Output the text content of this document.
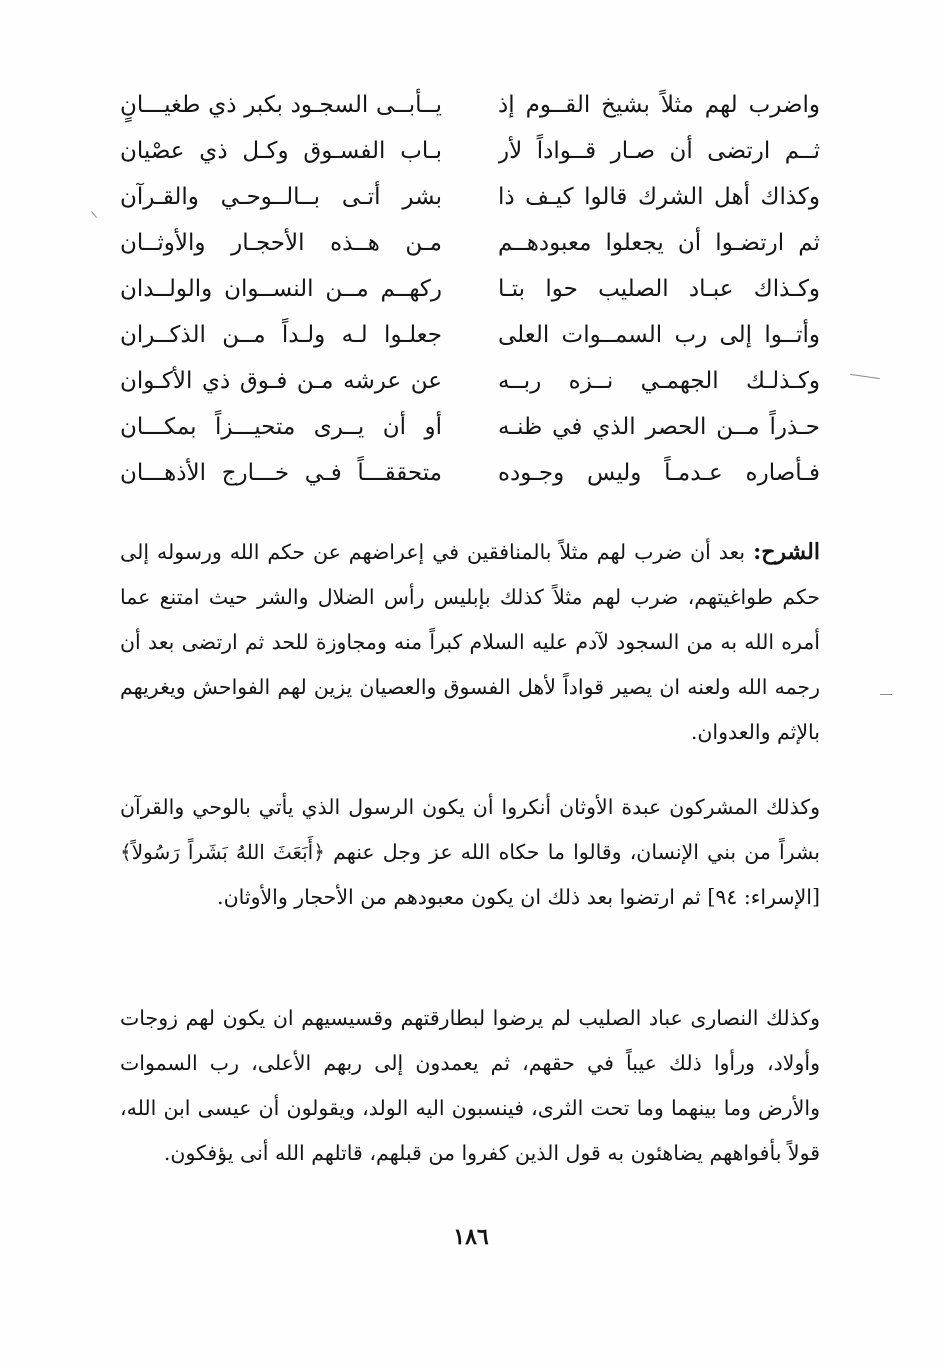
واضرب لهم مثلاً بشيخ القــوم إذ
يــأبــى السجـود بكبر ذي طغيـــانٍ
ثــم ارتضى أن صـار قــواداً لأر
بـاب الفسـوق وكـل ذي عصْيان
وكذاك أهل الشرك قالوا كيـف ذا
بشر أتـى بــالــوحـي والقـرآن
ثم ارتضـوا أن يجعلوا معبودهــم
مـن هــذه الأحجـار والأوثــان
وكـذاك عبـاد الصليب حوا بتـا
ركهــم مــن النســوان والولــدان
وأتــوا إلى رب السمــوات العلى
جعلـوا لـه ولـداً مــن الذكــران
وكـذلـك الجهمـي نــزه ربــه
عن عرشه مـن فـوق ذي الأكـوان
حـذراً مــن الحصر الذي في ظنـه
أو أن يــرى متحيـــزاً بمكـــان
فـأصاره عـدمـاً وليس وجـوده
متحققـــاً فـي خـــارج الأذهـــان
الشرح: بعد أن ضرب لهم مثلاً بالمنافقين في إعراضهم عن حكم الله ورسوله إلى حكم طواغيتهم، ضرب لهم مثلاً كذلك بإبليس رأس الضلال والشر حيث امتنع عما أمره الله به من السجود لآدم عليه السلام كبراً منه ومجاوزة للحد ثم ارتضى بعد أن رجمه الله ولعنه ان يصير قواداً لأهل الفسوق والعصيان يزين لهم الفواحش ويغريهم بالإثم والعدوان.
وكذلك المشركون عبدة الأوثان أنكروا أن يكون الرسول الذي يأتي بالوحي والقرآن بشراً من بني الإنسان، وقالوا ما حكاه الله عز وجل عنهم ﴿أَبَعَثَ اللهُ بَشَراً رَسُولاً﴾ [الإسراء: ٩٤] ثم ارتضوا بعد ذلك ان يكون معبودهم من الأحجار والأوثان.
وكذلك النصارى عباد الصليب لم يرضوا لبطارقتهم وقسيسيهم ان يكون لهم زوجات وأولاد، ورأوا ذلك عيباً في حقهم، ثم يعمدون إلى ربهم الأعلى، رب السموات والأرض وما بينهما وما تحت الثرى، فينسبون اليه الولد، ويقولون أن عيسى ابن الله، قولاً بأفواههم يضاهئون به قول الذين كفروا من قبلهم، قاتلهم الله أنى يؤفكون.
١٨٦
